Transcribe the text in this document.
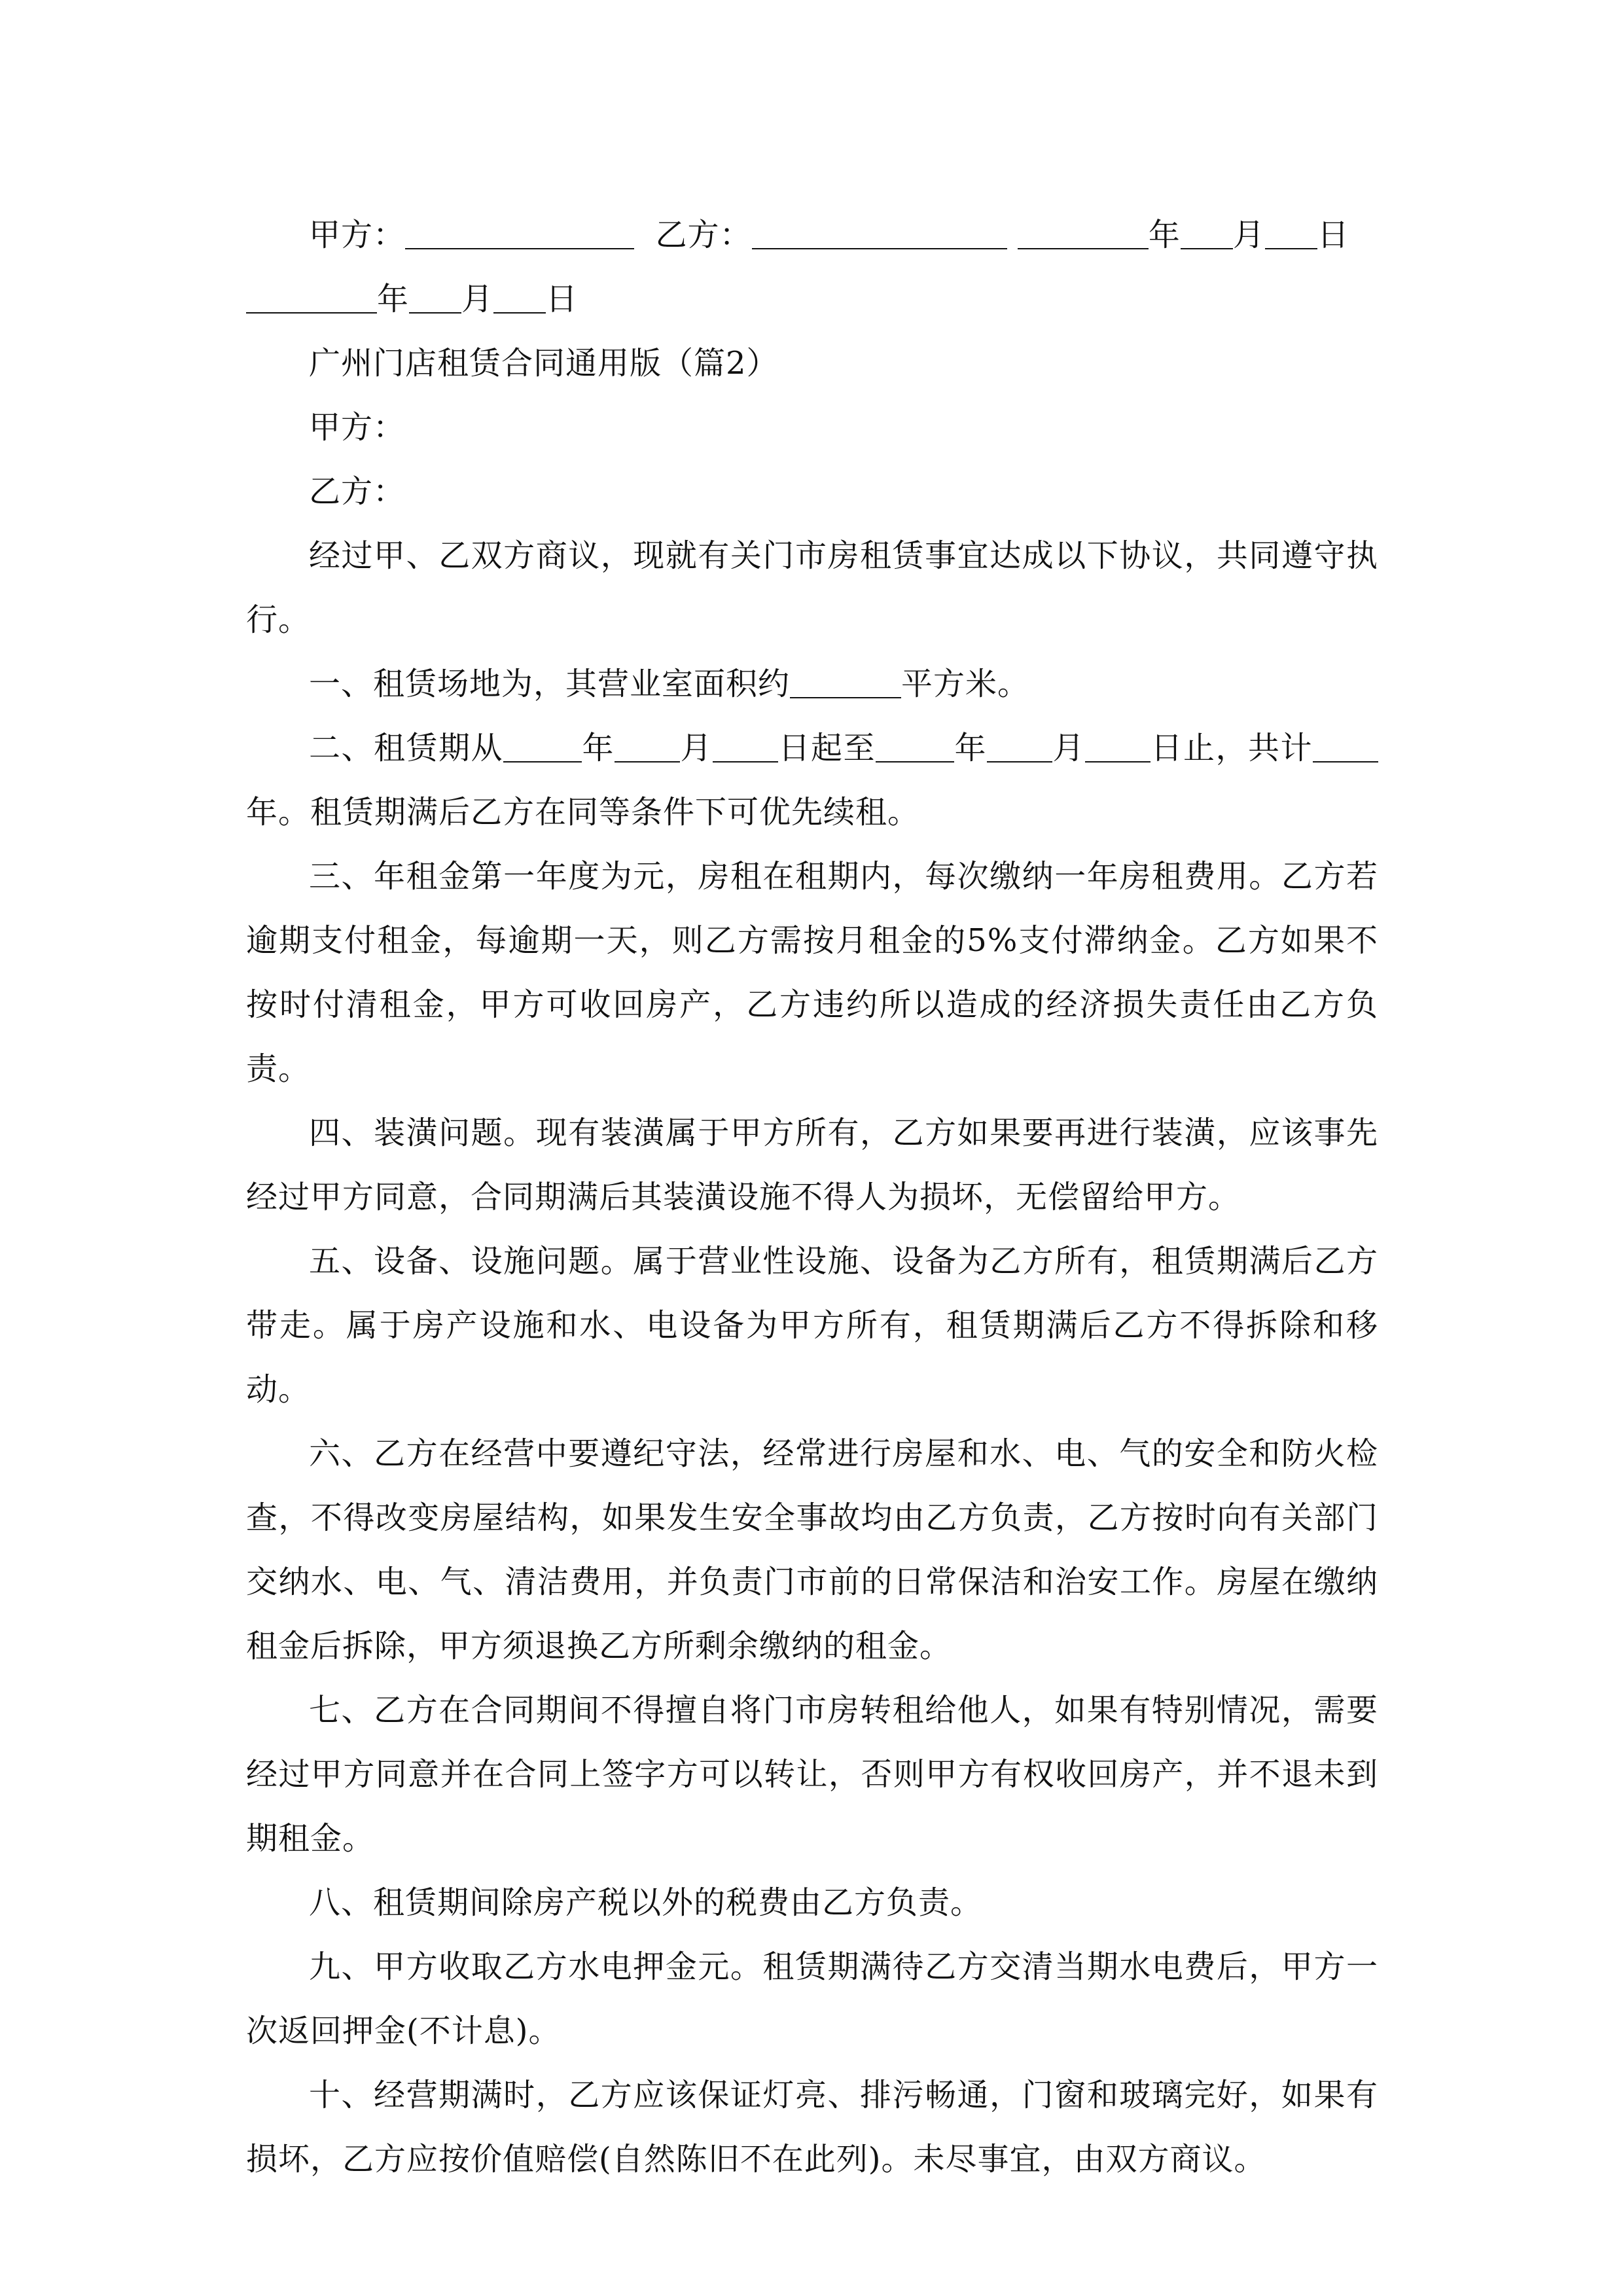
甲方：	乙方：	年 月 日

年 月 日

广州门店租赁合同通用版（篇2）

甲方：

乙方：

经过甲、乙双方商议，现就有关门市房租赁事宜达成以下协议，共同遵守执行。

一、租赁场地为，其营业室面积约	平方米。

二、租赁期从	年 月 日起至	年 月 日止，共计年。租赁期满后乙方在同等条件下可优先续租。

三、年租金第一年度为元，房租在租期内，每次缴纳一年房租费用。乙方若逾期支付租金，每逾期一天，则乙方需按月租金的5%支付滞纳金。乙方如果不按时付清租金，甲方可收回房产，乙方违约所以造成的经济损失责任由乙方负责。

四、装潢问题。现有装潢属于甲方所有，乙方如果要再进行装潢，应该事先经过甲方同意，合同期满后其装潢设施不得人为损坏，无偿留给甲方。

五、设备、设施问题。属于营业性设施、设备为乙方所有，租赁期满后乙方带走。属于房产设施和水、电设备为甲方所有，租赁期满后乙方不得拆除和移动。

六、乙方在经营中要遵纪守法，经常进行房屋和水、电、气的安全和防火检查，不得改变房屋结构，如果发生安全事故均由乙方负责，乙方按时向有关部门交纳水、电、气、清洁费用，并负责门市前的日常保洁和治安工作。房屋在缴纳租金后拆除，甲方须退换乙方所剩余缴纳的租金。

七、乙方在合同期间不得擅自将门市房转租给他人，如果有特别情况，需要经过甲方同意并在合同上签字方可以转让，否则甲方有权收回房产，并不退未到期租金。

八、租赁期间除房产税以外的税费由乙方负责。

九、甲方收取乙方水电押金元。租赁期满待乙方交清当期水电费后，甲方一次返回押金(不计息)。

十、经营期满时，乙方应该保证灯亮、排污畅通，门窗和玻璃完好，如果有损坏，乙方应按价值赔偿(自然陈旧不在此列)。未尽事宜，由双方商议。
